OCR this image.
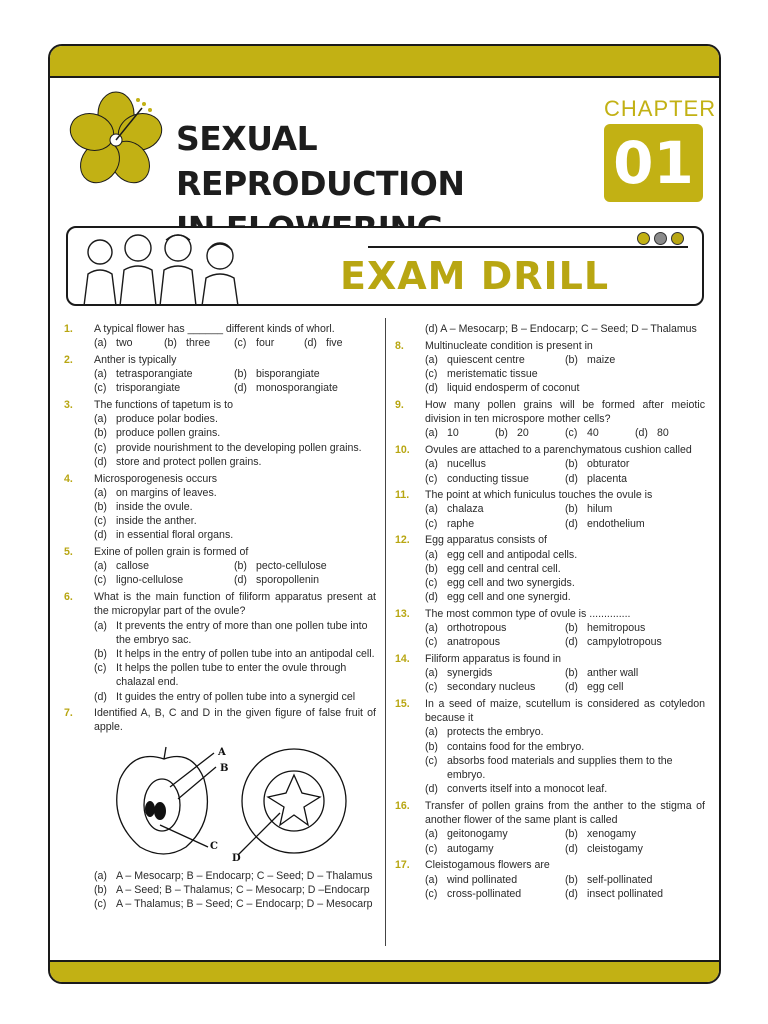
SEXUAL REPRODUCTION
CHAPTER
01
EXAM DRILL
1. A typical flower has ______ different kinds of whorl.
(a) two	(b) three	(c) four	(d) five
2. Anther is typically
(a) tetrasporangiate	(b) bisporangiate
(c) trisporangiate	(d) monosporangiate
3. The functions of tapetum is to
(a) produce polar bodies.
(b) produce pollen grains.
(c) provide nourishment to the developing pollen grains.
(d) store and protect pollen grains.
4. Microsporogenesis occurs
(a) on margins of leaves.
(b) inside the ovule.
(c) inside the anther.
(d) in essential floral organs.
5. Exine of pollen grain is formed of
(a) callose	(b) pecto-cellulose
(c) ligno-cellulose	(d) sporopollenin
6. What is the main function of filiform apparatus present at the micropylar part of the ovule?
(a) It prevents the entry of more than one pollen tube into the embryo sac.
(b) It helps in the entry of pollen tube into an antipodal cell.
(c) It helps the pollen tube to enter the ovule through chalazal end.
(d) It guides the entry of pollen tube into a synergid cel
7. Identified A, B, C and D in the given figure of false fruit of apple.
A
B
C
D
(a) A – Mesocarp; B – Endocarp; C – Seed; D – Thalamus
(b) A – Seed; B – Thalamus; C – Mesocarp; D –Endocarp
(c) A – Thalamus; B – Seed; C – Endocarp; D – Mesocarp
(d) A – Mesocarp; B – Endocarp; C – Seed; D – Thalamus
8. Multinucleate condition is present in
(a) quiescent centre	(b) maize
(c) meristematic tissue
(d) liquid endosperm of coconut
9. How many pollen grains will be formed after meiotic division in ten microspore mother cells?
(a) 10	(b) 20	(c) 40	(d) 80
10. Ovules are attached to a parenchymatous cushion called
(a) nucellus	(b) obturator
(c) conducting tissue	(d) placenta
11. The point at which funiculus touches the ovule is
(a) chalaza	(b) hilum
(c) raphe	(d) endothelium
12. Egg apparatus consists of
(a) egg cell and antipodal cells.
(b) egg cell and central cell.
(c) egg cell and two synergids.
(d) egg cell and one synergid.
13. The most common type of ovule is ..............
(a) orthotropous	(b) hemitropous
(c) anatropous	(d) campylotropous
14. Filiform apparatus is found in
(a) synergids	(b) anther wall
(c) secondary nucleus	(d) egg cell
15. In a seed of maize, scutellum is considered as cotyledon because it
(a) protects the embryo.
(b) contains food for the embryo.
(c) absorbs food materials and supplies them to the embryo.
(d) converts itself into a monocot leaf.
16. Transfer of pollen grains from the anther to the stigma of another flower of the same plant is called
(a) geitonogamy	(b) xenogamy
(c) autogamy	(d) cleistogamy
17. Cleistogamous flowers are
(a) wind pollinated	(b) self-pollinated
(c) cross-pollinated	(d) insect pollinated
